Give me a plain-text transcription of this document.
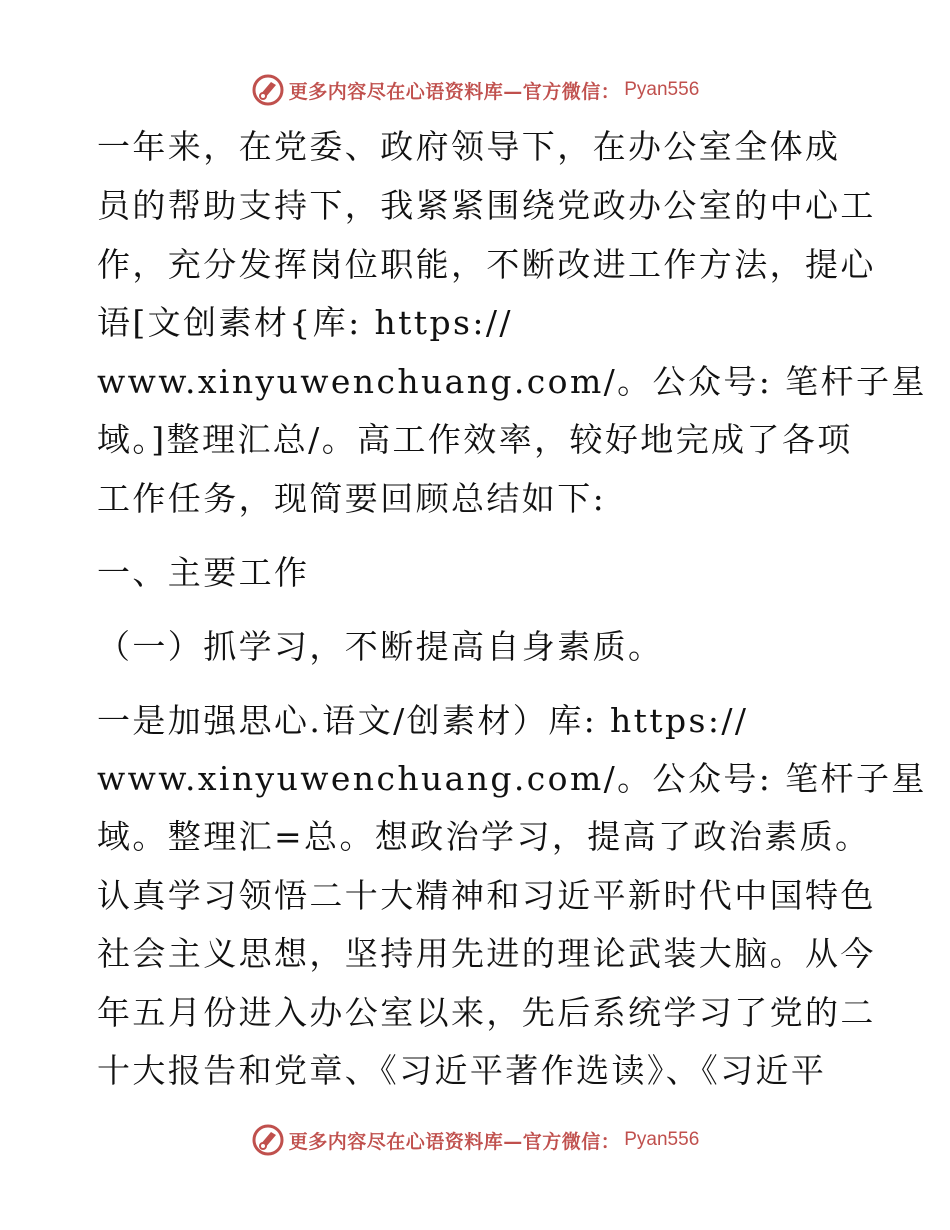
更多内容尽在心语资料库—官方微信： Pyan556
一年来，在党委、政府领导下，在办公室全体成
员的帮助支持下，我紧紧围绕党政办公室的中心工
作，充分发挥岗位职能，不断改进工作方法，提心
语[文创素材{库: https://
www.xinyuwenchuang.com/。公众号: 笔杆子星
域。]整理汇总/。高工作效率，较好地完成了各项
工作任务，现简要回顾总结如下:
一、主要工作
（一）抓学习，不断提高自身素质。
一是加强思心.语文/创素材）库: https://
www.xinyuwenchuang.com/。公众号: 笔杆子星
域。整理汇=总。想政治学习，提高了政治素质。
认真学习领悟二十大精神和习近平新时代中国特色
社会主义思想，坚持用先进的理论武装大脑。从今
年五月份进入办公室以来，先后系统学习了党的二
十大报告和党章、《习近平著作选读》、《习近平
更多内容尽在心语资料库—官方微信： Pyan556
